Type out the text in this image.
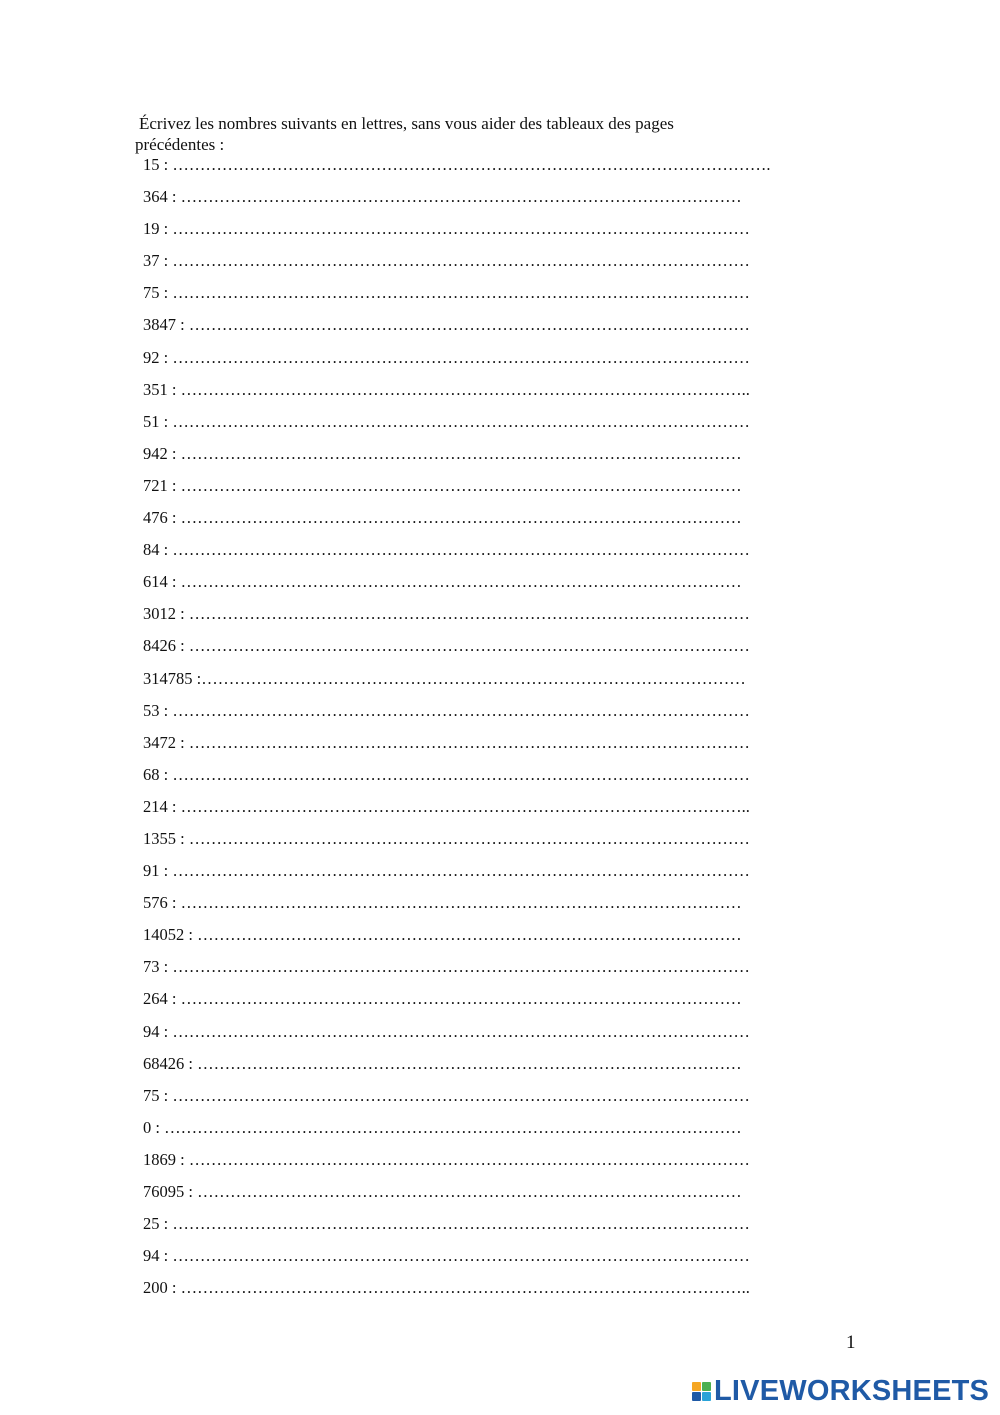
Écrivez les nombres suivants en lettres, sans vous aider des tableaux des pages
précédentes :
15 : ……………………………………………………………………………………………….
364 : …………………………………………………………………………………………
19 : ……………………………………………………………………………………………
37 : ……………………………………………………………………………………………
75 : ……………………………………………………………………………………………
3847 : …………………………………………………………………………………………
92 : ……………………………………………………………………………………………
351 : …………………………………………………………………………………………..
51 : ……………………………………………………………………………………………
942 : …………………………………………………………………………………………
721 : …………………………………………………………………………………………
476 : …………………………………………………………………………………………
84 : ……………………………………………………………………………………………
614 : …………………………………………………………………………………………
3012 : …………………………………………………………………………………………
8426 : …………………………………………………………………………………………
314785 :………………………………………………………………………………………
53 : ……………………………………………………………………………………………
3472 : …………………………………………………………………………………………
68 : ……………………………………………………………………………………………
214 : …………………………………………………………………………………………..
1355 : …………………………………………………………………………………………
91 : ……………………………………………………………………………………………
576 : …………………………………………………………………………………………
14052 : ………………………………………………………………………………………
73 : ……………………………………………………………………………………………
264 : …………………………………………………………………………………………
94 : ……………………………………………………………………………………………
68426 : ………………………………………………………………………………………
75 : ……………………………………………………………………………………………
0 : ……………………………………………………………………………………………
1869 : …………………………………………………………………………………………
76095 : ………………………………………………………………………………………
25 : ……………………………………………………………………………………………
94 : ……………………………………………………………………………………………
200 : …………………………………………………………………………………………..
1
LIVEWORKSHEETS
